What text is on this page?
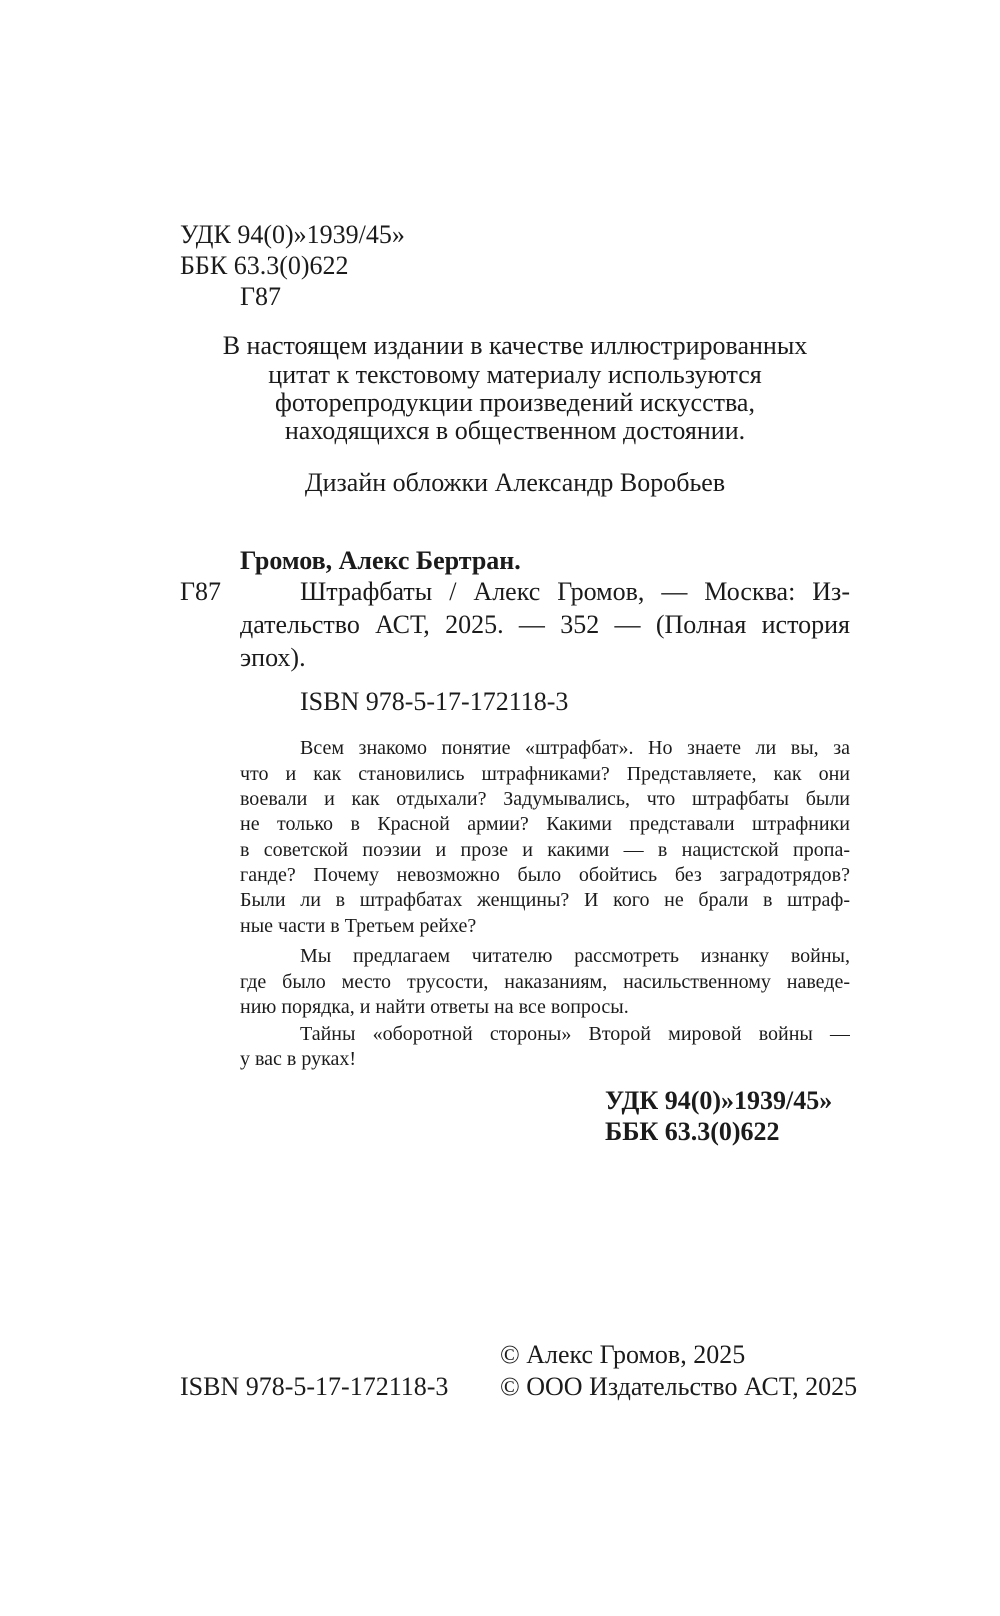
УДК 94(0)»1939/45»
ББК 63.3(0)622
Г87
В настоящем издании в качестве иллюстрированных
цитат к текстовому материалу используются
фоторепродукции произведений искусства,
находящихся в общественном достоянии.
Дизайн обложки Александр Воробьев
Громов, Алекс Бертран.
Г87	Штрафбаты / Алекс Громов, — Москва: Из-
дательство АСТ, 2025. — 352 — (Полная история
эпох).
ISBN 978-5-17-172118-3
Всем знакомо понятие «штрафбат». Но знаете ли вы, за
что и как становились штрафниками? Представляете, как они
воевали и как отдыхали? Задумывались, что штрафбаты были
не только в Красной армии? Какими представали штрафники
в советской поэзии и прозе и какими — в нацистской пропа-
ганде? Почему невозможно было обойтись без заградотрядов?
Были ли в штрафбатах женщины? И кого не брали в штраф-
ные части в Третьем рейхе?
Мы предлагаем читателю рассмотреть изнанку войны,
где было место трусости, наказаниям, насильственному наведе-
нию порядка, и найти ответы на все вопросы.
Тайны «оборотной стороны» Второй мировой войны —
у вас в руках!
УДК 94(0)»1939/45»
ББК 63.3(0)622
© Алекс Громов, 2025
ISBN 978-5-17-172118-3 © ООО Издательство АСТ, 2025
